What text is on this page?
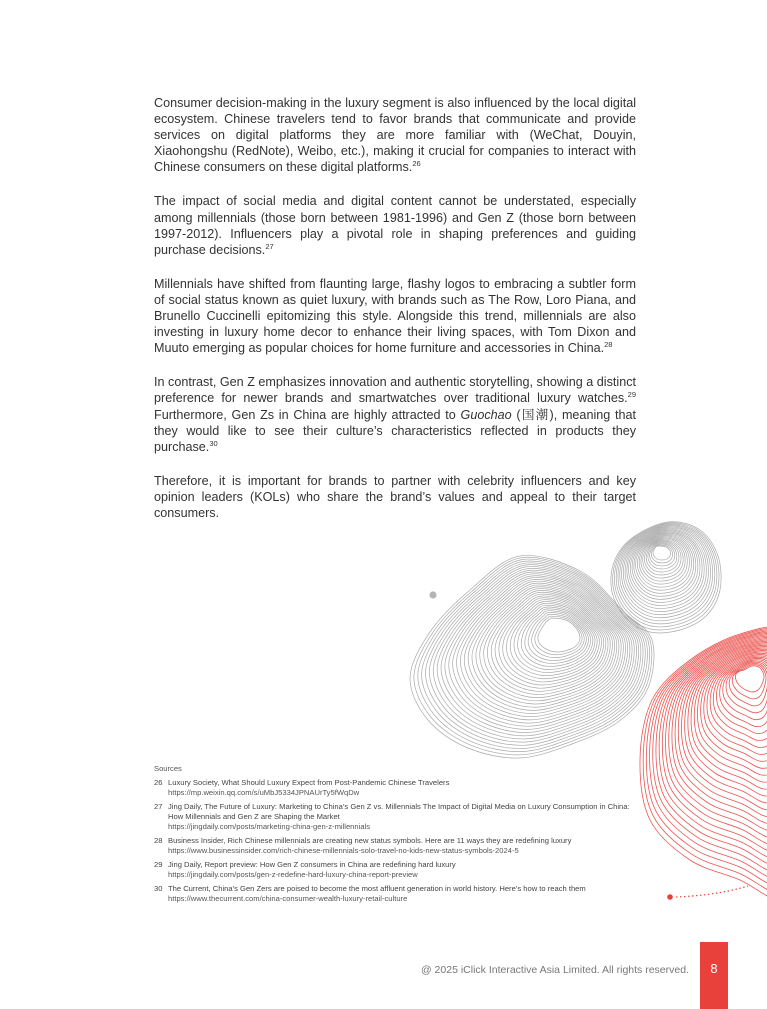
Consumer decision-making in the luxury segment is also influenced by the local digital ecosystem. Chinese travelers tend to favor brands that communicate and provide services on digital platforms they are more familiar with (WeChat, Douyin, Xiaohongshu (RedNote), Weibo, etc.), making it crucial for companies to interact with Chinese consumers on these digital platforms.$^{26}$

The impact of social media and digital content cannot be understated, especially among millennials (those born between 1981-1996) and Gen Z (those born between 1997-2012). Influencers play a pivotal role in shaping preferences and guiding purchase decisions.$^{27}$

Millennials have shifted from flaunting large, flashy logos to embracing a subtler form of social status known as quiet luxury, with brands such as The Row, Loro Piana, and Brunello Cuccinelli epitomizing this style. Alongside this trend, millennials are also investing in luxury home decor to enhance their living spaces, with Tom Dixon and Muuto emerging as popular choices for home furniture and accessories in China.$^{28}$

In contrast, Gen Z emphasizes innovation and authentic storytelling, showing a distinct preference for newer brands and smartwatches over traditional luxury watches.$^{29}$ Furthermore, Gen Zs in China are highly attracted to Guochao (国潮), meaning that they would like to see their culture’s characteristics reflected in products they purchase.$^{30}$

Therefore, it is important for brands to partner with celebrity influencers and key opinion leaders (KOLs) who share the brand’s values and appeal to their target consumers.

Sources
26 Luxury Society, What Should Luxury Expect from Post-Pandemic Chinese Travelers
https://mp.weixin.qq.com/s/uMbJ5334JPNAUrTy5fWqDw
27 Jing Daily, The Future of Luxury: Marketing to China’s Gen Z vs. Millennials The Impact of Digital Media on Luxury Consumption in China: How Millennials and Gen Z are Shaping the Market
https://jingdaily.com/posts/marketing-china-gen-z-millennials
28 Business Insider, Rich Chinese millennials are creating new status symbols. Here are 11 ways they are redefining luxury
https://www.businessinsider.com/rich-chinese-millennials-solo-travel-no-kids-new-status-symbols-2024-5
29 Jing Daily, Report preview: How Gen Z consumers in China are redefining hard luxury
https://jingdaily.com/posts/gen-z-redefine-hard-luxury-china-report-preview
30 The Current, China’s Gen Zers are poised to become the most affluent generation in world history. Here’s how to reach them
https://www.thecurrent.com/china-consumer-wealth-luxury-retail-culture
@ 2025 iClick Interactive Asia Limited. All rights reserved.	8
